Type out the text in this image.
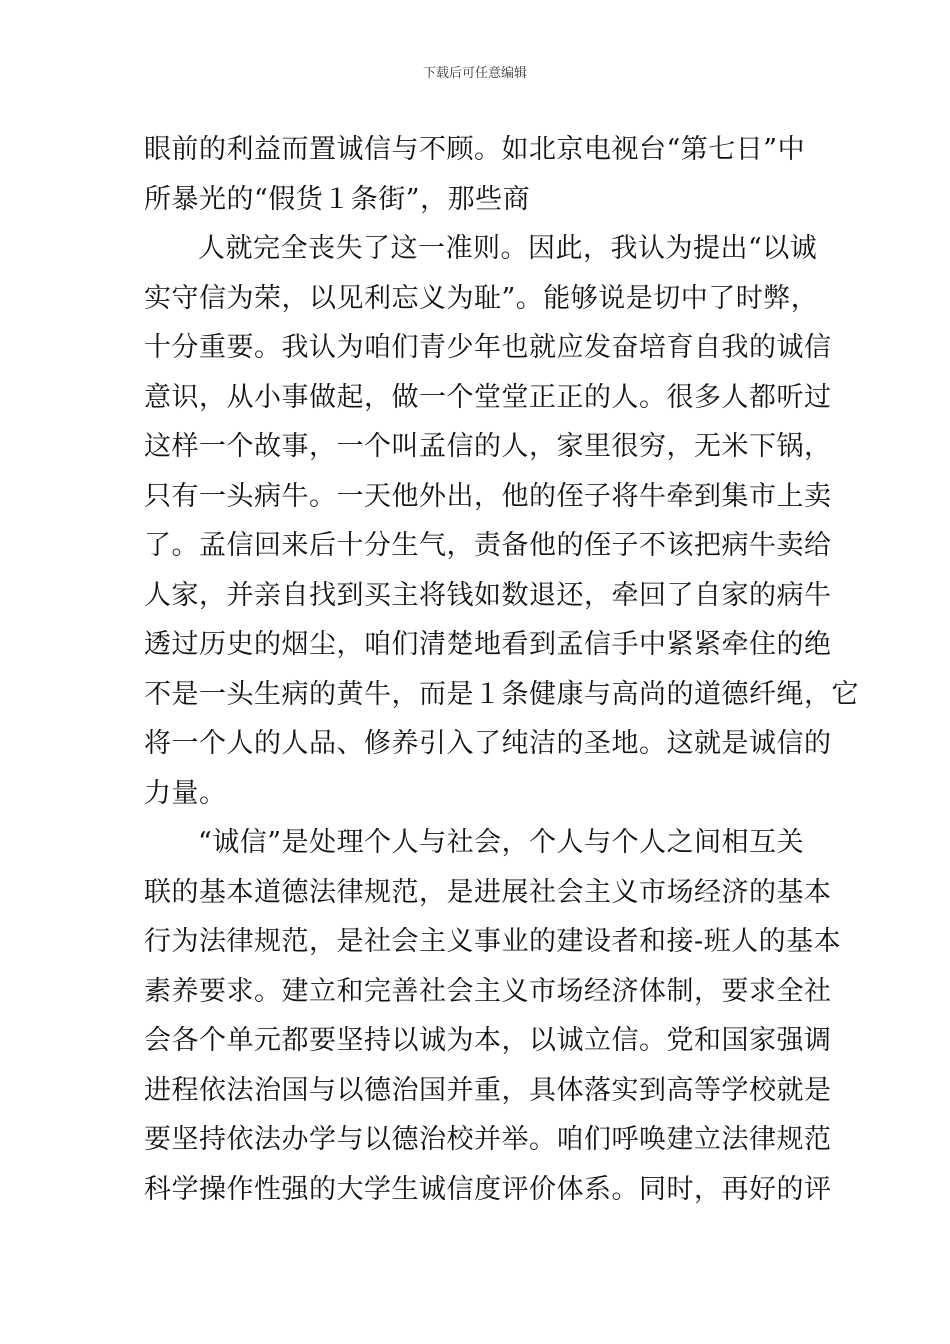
下载后可任意编辑
眼前的利益而置诚信与不顾。如北京电视台“第七日”中
所暴光的“假货１条街”，那些商
人就完全丧失了这一准则。因此，我认为提出“以诚
实守信为荣，以见利忘义为耻”。能够说是切中了时弊，
十分重要。我认为咱们青少年也就应发奋培育自我的诚信
意识，从小事做起，做一个堂堂正正的人。很多人都听过
这样一个故事，一个叫孟信的人，家里很穷，无米下锅，
只有一头病牛。一天他外出，他的侄子将牛牵到集市上卖
了。孟信回来后十分生气，责备他的侄子不该把病牛卖给
人家，并亲自找到买主将钱如数退还，牵回了自家的病牛
透过历史的烟尘，咱们清楚地看到孟信手中紧紧牵住的绝
不是一头生病的黄牛，而是１条健康与高尚的道德纤绳，它
将一个人的人品、修养引入了纯洁的圣地。这就是诚信的
力量。
“诚信”是处理个人与社会，个人与个人之间相互关
联的基本道德法律规范，是进展社会主义市场经济的基本
行为法律规范，是社会主义事业的建设者和接-班人的基本
素养要求。建立和完善社会主义市场经济体制，要求全社
会各个单元都要坚持以诚为本，以诚立信。党和国家强调
进程依法治国与以德治国并重，具体落实到高等学校就是
要坚持依法办学与以德治校并举。咱们呼唤建立法律规范
科学操作性强的大学生诚信度评价体系。同时，再好的评
